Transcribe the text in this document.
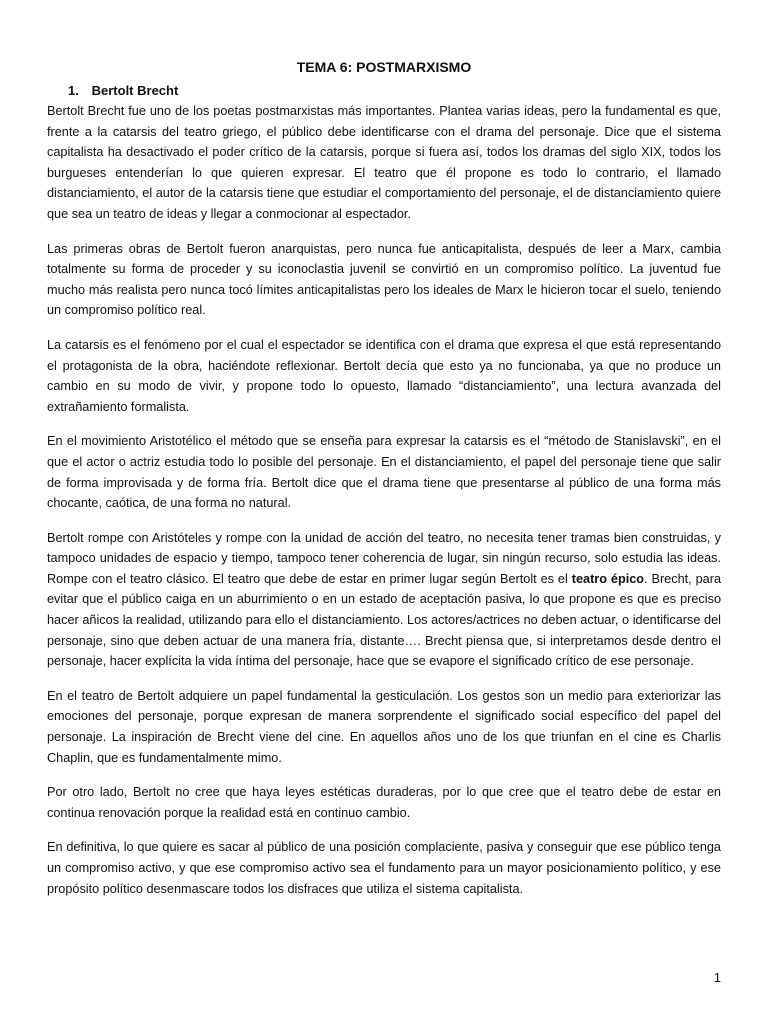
TEMA 6: POSTMARXISMO
1. Bertolt Brecht

Bertolt Brecht fue uno de los poetas postmarxistas más importantes. Plantea varias ideas, pero la fundamental es que, frente a la catarsis del teatro griego, el público debe identificarse con el drama del personaje. Dice que el sistema capitalista ha desactivado el poder crítico de la catarsis, porque si fuera así, todos los dramas del siglo XIX, todos los burgueses entenderían lo que quieren expresar. El teatro que él propone es todo lo contrario, el llamado distanciamiento, el autor de la catarsis tiene que estudiar el comportamiento del personaje, el de distanciamiento quiere que sea un teatro de ideas y llegar a conmocionar al espectador.

Las primeras obras de Bertolt fueron anarquistas, pero nunca fue anticapitalista, después de leer a Marx, cambia totalmente su forma de proceder y su iconoclastia juvenil se convirtió en un compromiso político. La juventud fue mucho más realista pero nunca tocó límites anticapitalistas pero los ideales de Marx le hicieron tocar el suelo, teniendo un compromiso político real.

La catarsis es el fenómeno por el cual el espectador se identifica con el drama que expresa el que está representando el protagonista de la obra, haciéndote reflexionar. Bertolt decía que esto ya no funcionaba, ya que no produce un cambio en su modo de vivir, y propone todo lo opuesto, llamado “distanciamiento”, una lectura avanzada del extrañamiento formalista.

En el movimiento Aristotélico el método que se enseña para expresar la catarsis es el “método de Stanislavski”, en el que el actor o actriz estudia todo lo posible del personaje. En el distanciamiento, el papel del personaje tiene que salir de forma improvisada y de forma fría. Bertolt dice que el drama tiene que presentarse al público de una forma más chocante, caótica, de una forma no natural.

Bertolt rompe con Aristóteles y rompe con la unidad de acción del teatro, no necesita tener tramas bien construidas, y tampoco unidades de espacio y tiempo, tampoco tener coherencia de lugar, sin ningún recurso, solo estudia las ideas. Rompe con el teatro clásico. El teatro que debe de estar en primer lugar según Bertolt es el teatro épico. Brecht, para evitar que el público caiga en un aburrimiento o en un estado de aceptación pasiva, lo que propone es que es preciso hacer añicos la realidad, utilizando para ello el distanciamiento. Los actores/actrices no deben actuar, o identificarse del personaje, sino que deben actuar de una manera fría, distante…. Brecht piensa que, si interpretamos desde dentro el personaje, hacer explícita la vida íntima del personaje, hace que se evapore el significado crítico de ese personaje.

En el teatro de Bertolt adquiere un papel fundamental la gesticulación. Los gestos son un medio para exteriorizar las emociones del personaje, porque expresan de manera sorprendente el significado social específico del papel del personaje. La inspiración de Brecht viene del cine. En aquellos años uno de los que triunfan en el cine es Charlis Chaplin, que es fundamentalmente mimo.

Por otro lado, Bertolt no cree que haya leyes estéticas duraderas, por lo que cree que el teatro debe de estar en continua renovación porque la realidad está en continuo cambio.

En definitiva, lo que quiere es sacar al público de una posición complaciente, pasiva y conseguir que ese público tenga un compromiso activo, y que ese compromiso activo sea el fundamento para un mayor posicionamiento político, y ese propósito político desenmascare todos los disfraces que utiliza el sistema capitalista.

1
